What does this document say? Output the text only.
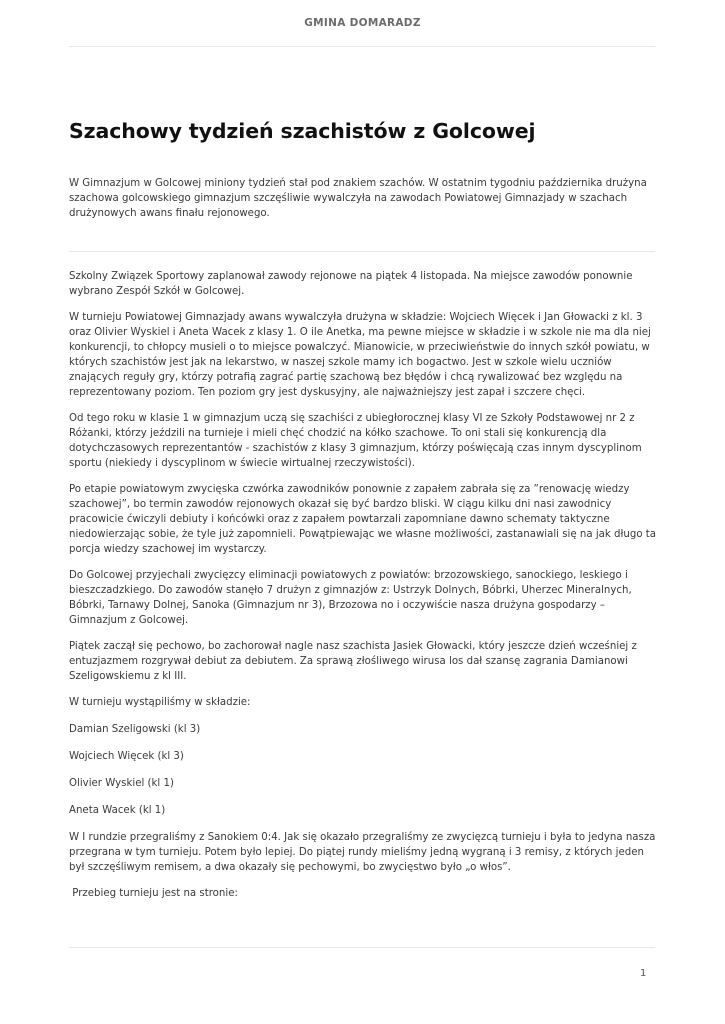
GMINA DOMARADZ
Szachowy tydzień szachistów z Golcowej

W Gimnazjum w Golcowej miniony tydzień stał pod znakiem szachów. W ostatnim tygodniu października drużyna szachowa golcowskiego gimnazjum szczęśliwie wywalczyła na zawodach Powiatowej Gimnazjady w szachach drużynowych awans finału rejonowego.

Szkolny Związek Sportowy zaplanował zawody rejonowe na piątek 4 listopada. Na miejsce zawodów ponownie wybrano Zespół Szkół w Golcowej.

W turnieju Powiatowej Gimnazjady awans wywalczyła drużyna w składzie: Wojciech Więcek i Jan Głowacki z kl. 3 oraz Olivier Wyskiel i Aneta Wacek z klasy 1. O ile Anetka, ma pewne miejsce w składzie i w szkole nie ma dla niej konkurencji, to chłopcy musieli o to miejsce powalczyć. Mianowicie, w przeciwieństwie do innych szkół powiatu, w których szachistów jest jak na lekarstwo, w naszej szkole mamy ich bogactwo. Jest w szkole wielu uczniów znających reguły gry, którzy potrafią zagrać partię szachową bez błędów i chcą rywalizować bez względu na reprezentowany poziom. Ten poziom gry jest dyskusyjny, ale najważniejszy jest zapał i szczere chęci.

Od tego roku w klasie 1 w gimnazjum uczą się szachiści z ubiegłorocznej klasy VI ze Szkoły Podstawowej nr 2 z Różanki, którzy jeździli na turnieje i mieli chęć chodzić na kółko szachowe. To oni stali się konkurencją dla dotychczasowych reprezentantów - szachistów z klasy 3 gimnazjum, którzy poświęcają czas innym dyscyplinom sportu (niekiedy i dyscyplinom w świecie wirtualnej rzeczywistości).

Po etapie powiatowym zwycięska czwórka zawodników ponownie z zapałem zabrała się za ”renowację wiedzy szachowej”, bo termin zawodów rejonowych okazał się być bardzo bliski. W ciągu kilku dni nasi zawodnicy pracowicie ćwiczyli debiuty i końcówki oraz z zapałem powtarzali zapomniane dawno schematy taktyczne niedowierzając sobie, że tyle już zapomnieli. Powątpiewając we własne możliwości, zastanawiali się na jak długo ta porcja wiedzy szachowej im wystarczy.

Do Golcowej przyjechali zwycięzcy eliminacji powiatowych z powiatów: brzozowskiego, sanockiego, leskiego i bieszczadzkiego. Do zawodów stanęło 7 drużyn z gimnazjów z: Ustrzyk Dolnych, Bóbrki, Uherzec Mineralnych, Bóbrki, Tarnawy Dolnej, Sanoka (Gimnazjum nr 3), Brzozowa no i oczywiście nasza drużyna gospodarzy – Gimnazjum z Golcowej.

Piątek zaczął się pechowo, bo zachorował nagle nasz szachista Jasiek Głowacki, który jeszcze dzień wcześniej z entuzjazmem rozgrywał debiut za debiutem. Za sprawą złośliwego wirusa los dał szansę zagrania Damianowi Szeligowskiemu z kl III.

W turnieju wystąpiliśmy w składzie:

Damian Szeligowski (kl 3)

Wojciech Więcek (kl 3)

Olivier Wyskiel (kl 1)

Aneta Wacek (kl 1)

W I rundzie przegraliśmy z Sanokiem 0:4. Jak się okazało przegraliśmy ze zwycięzcą turnieju i była to jedyna nasza przegrana w tym turnieju. Potem było lepiej. Do piątej rundy mieliśmy jedną wygraną i 3 remisy, z których jeden był szczęśliwym remisem, a dwa okazały się pechowymi, bo zwycięstwo było „o włos”.

Przebieg turnieju jest na stronie:

1
